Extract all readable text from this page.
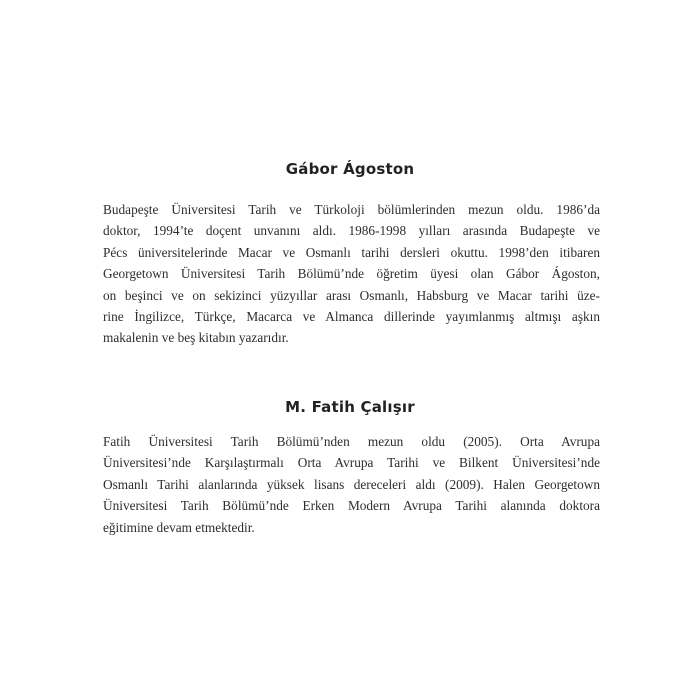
Gábor Ágoston
Budapeşte Üniversitesi Tarih ve Türkoloji bölümlerinden mezun oldu. 1986’da
doktor, 1994’te doçent unvanını aldı. 1986-1998 yılları arasında Budapeşte ve
Pécs üniversitelerinde Macar ve Osmanlı tarihi dersleri okuttu. 1998’den itibaren
Georgetown Üniversitesi Tarih Bölümü’nde öğretim üyesi olan Gábor Ágoston,
on beşinci ve on sekizinci yüzyıllar arası Osmanlı, Habsburg ve Macar tarihi üze-
rine İngilizce, Türkçe, Macarca ve Almanca dillerinde yayımlanmış altmışı aşkın
makalenin ve beş kitabın yazarıdır.
M. Fatih Çalışır
Fatih Üniversitesi Tarih Bölümü’nden mezun oldu (2005). Orta Avrupa
Üniversitesi’nde Karşılaştırmalı Orta Avrupa Tarihi ve Bilkent Üniversitesi’nde
Osmanlı Tarihi alanlarında yüksek lisans dereceleri aldı (2009). Halen Georgetown
Üniversitesi Tarih Bölümü’nde Erken Modern Avrupa Tarihi alanında doktora
eğitimine devam etmektedir.
